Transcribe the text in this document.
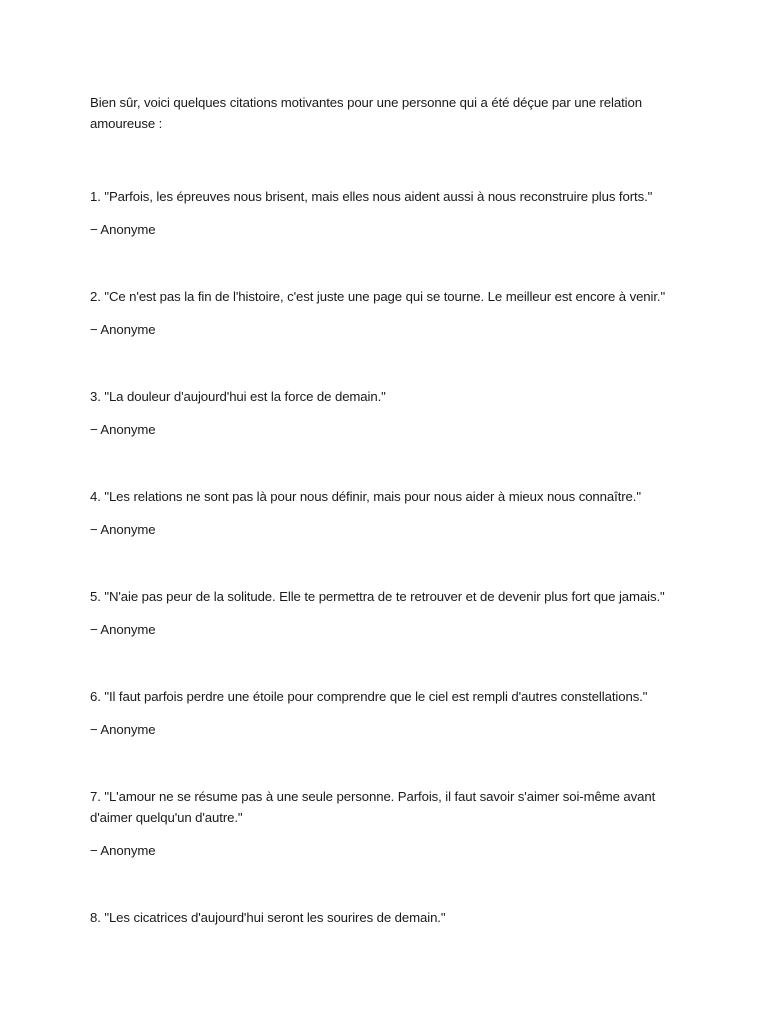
Bien sûr, voici quelques citations motivantes pour une personne qui a été déçue par une relation amoureuse :

1. "Parfois, les épreuves nous brisent, mais elles nous aident aussi à nous reconstruire plus forts."

− Anonyme

2. "Ce n'est pas la fin de l'histoire, c'est juste une page qui se tourne. Le meilleur est encore à venir."

− Anonyme

3. "La douleur d'aujourd'hui est la force de demain."

− Anonyme

4. "Les relations ne sont pas là pour nous définir, mais pour nous aider à mieux nous connaître."

− Anonyme

5. "N'aie pas peur de la solitude. Elle te permettra de te retrouver et de devenir plus fort que jamais."

− Anonyme

6. "Il faut parfois perdre une étoile pour comprendre que le ciel est rempli d'autres constellations."

− Anonyme

7. "L'amour ne se résume pas à une seule personne. Parfois, il faut savoir s'aimer soi-même avant d'aimer quelqu'un d'autre."

− Anonyme

8. "Les cicatrices d'aujourd'hui seront les sourires de demain."
